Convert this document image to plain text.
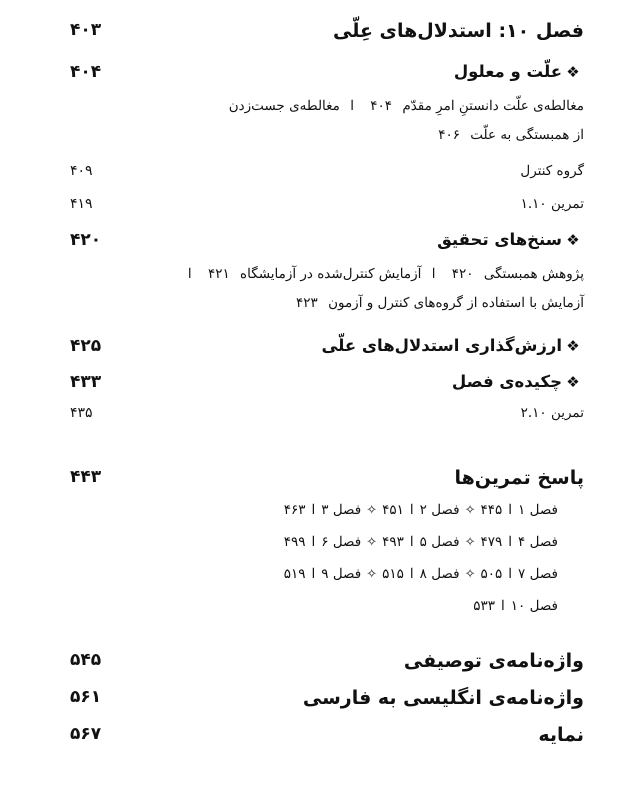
فصل ۱۰: استدلال‌های عِلّی
۴۰۳
❖علّت و معلول
۴۰۴
مغالطه‌ی علّت دانستنِ امرِ مقدّم ۴۰۴ ا مغالطه‌ی جست‌زدن
از همبستگی به علّت ۴۰۶
گروه کنترل
۴۰۹
تمرین ۱.۱۰
۴۱۹
❖سنخ‌های تحقیق
۴۲۰
پژوهش همبستگی ۴۲۰ ا آزمایش کنترل‌شده در آزمایشگاه ۴۲۱ ا
آزمایش با استفاده از گروه‌های کنترل و آزمون ۴۲۳
❖ارزش‌گذاری استدلال‌های علّی
۴۲۵
❖چکیده‌ی فصل
۴۳۳
تمرین ۲.۱۰
۴۳۵
پاسخ تمرین‌ها
۴۴۳
فصل ۱ا۴۴۵✧فصل ۲ا۴۵۱✧فصل ۳ا۴۶۳
فصل ۴ا۴۷۹✧فصل ۵ا۴۹۳✧فصل ۶ا۴۹۹
فصل ۷ا۵۰۵✧فصل ۸ا۵۱۵✧فصل ۹ا۵۱۹
فصل ۱۰ا۵۳۳
واژه‌نامه‌ی توصیفی
۵۴۵
واژه‌نامه‌ی انگلیسی به فارسی
۵۶۱
نمایه
۵۶۷
